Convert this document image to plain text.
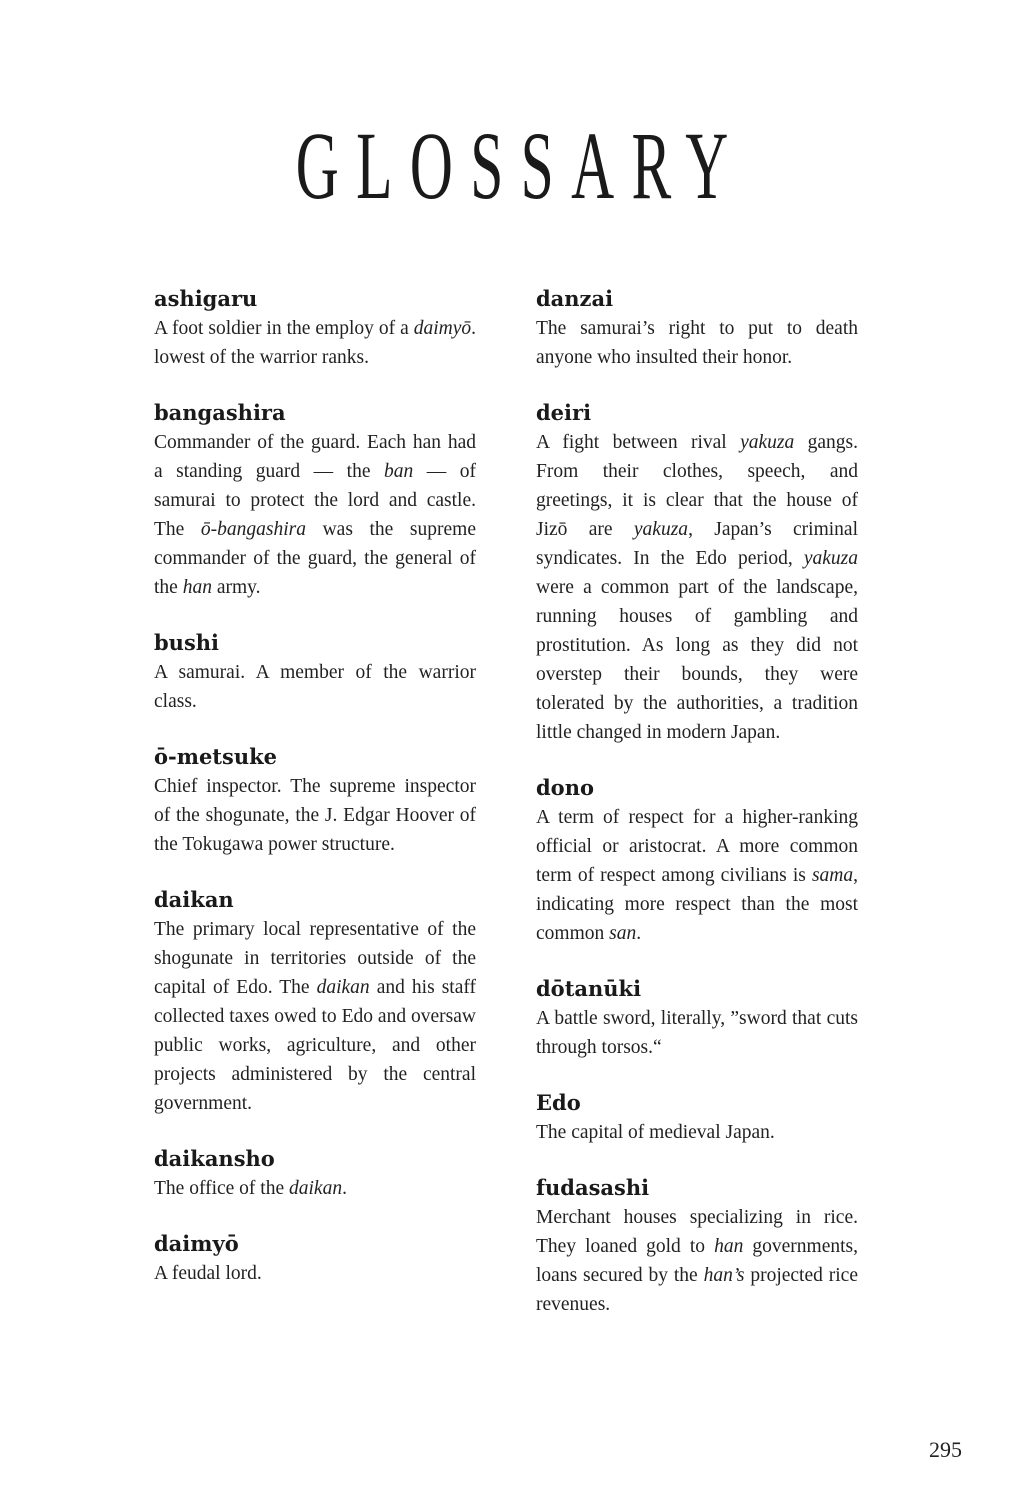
GLOSSARY
ashigaru
A foot soldier in the employ of a daimyō. lowest of the warrior ranks.
bangashira
Commander of the guard. Each han had a standing guard — the ban — of samurai to protect the lord and castle. The ō-bangashira was the supreme commander of the guard, the general of the han army.
bushi
A samurai. A member of the warrior class.
ō-metsuke
Chief inspector. The supreme inspector of the shogunate, the J. Edgar Hoover of the Tokugawa power structure.
daikan
The primary local representative of the shogunate in territories outside of the capital of Edo. The daikan and his staff collected taxes owed to Edo and oversaw public works, agriculture, and other projects administered by the central government.
daikansho
The office of the daikan.
daimyō
A feudal lord.
danzai
The samurai’s right to put to death anyone who insulted their honor.
deiri
A fight between rival yakuza gangs. From their clothes, speech, and greetings, it is clear that the house of Jizō are yakuza, Japan’s criminal syndicates. In the Edo period, yakuza were a common part of the landscape, running houses of gambling and prostitution. As long as they did not overstep their bounds, they were tolerated by the authorities, a tradition little changed in modern Japan.
dono
A term of respect for a higher-ranking official or aristocrat. A more common term of respect among civilians is sama, indicating more respect than the most common san.
dōtanūki
A battle sword, literally, ”sword that cuts through torsos.“
Edo
The capital of medieval Japan.
fudasashi
Merchant houses specializing in rice. They loaned gold to han governments, loans secured by the han’s projected rice revenues.
295
